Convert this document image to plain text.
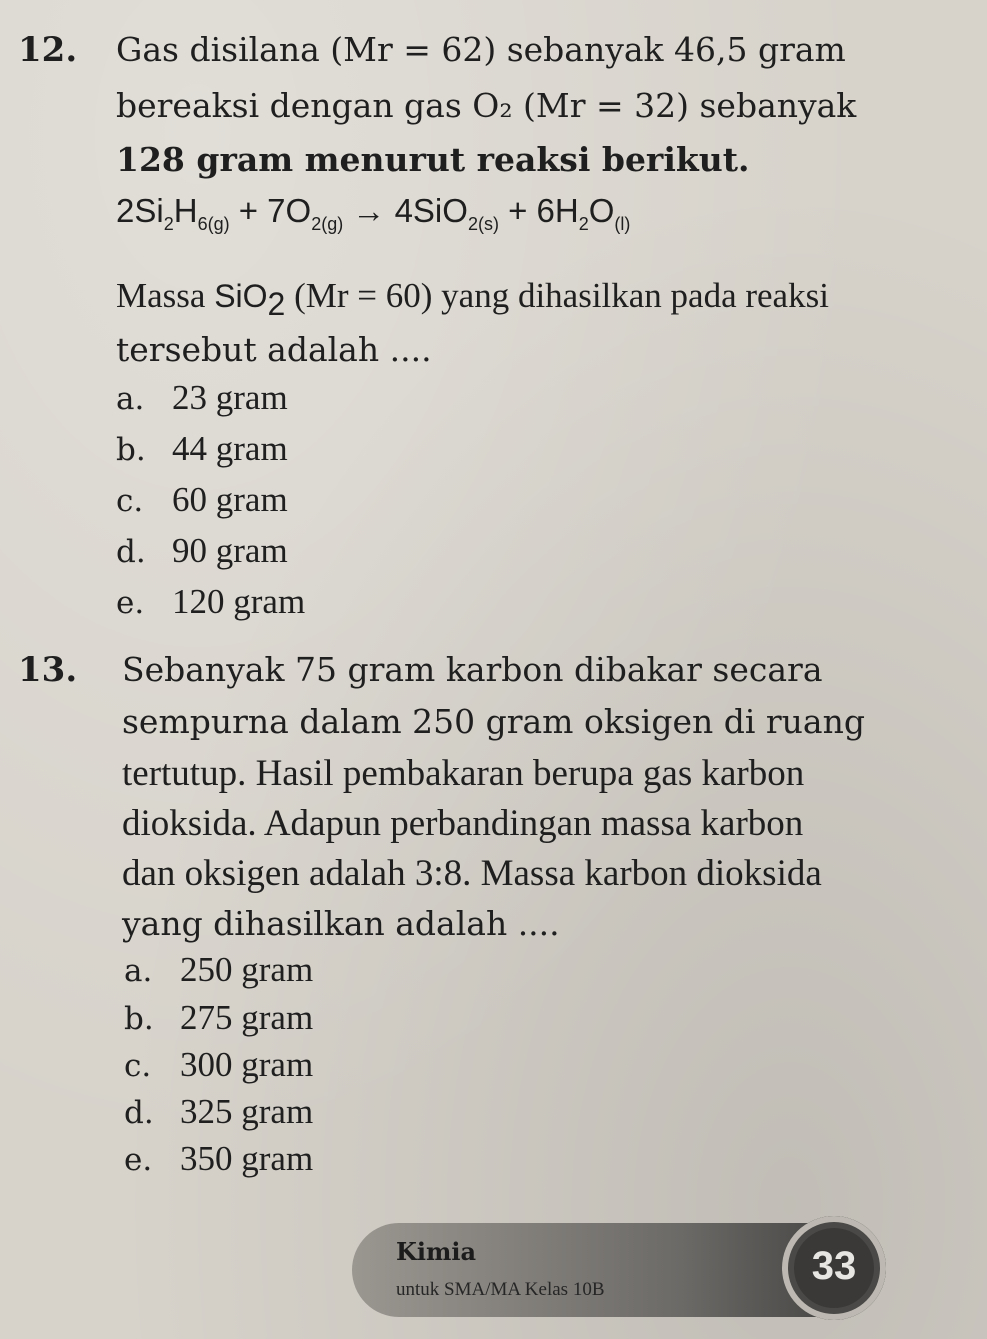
12. Gas disilana (Mr = 62) sebanyak 46,5 gram
bereaksi dengan gas O₂ (Mr = 32) sebanyak
128 gram menurut reaksi berikut.
$2Si_2H_{6(g)} + 7O_{2(g)} \to 4SiO_{2(s)} + 6H_2O_{(l)}$
Massa SiO$_2$ (Mr = 60) yang dihasilkan pada reaksi
tersebut adalah ....
a. 23 gram
b. 44 gram
c. 60 gram
d. 90 gram
e. 120 gram
13. Sebanyak 75 gram karbon dibakar secara
sempurna dalam 250 gram oksigen di ruang
tertutup. Hasil pembakaran berupa gas karbon
dioksida. Adapun perbandingan massa karbon
dan oksigen adalah 3:8. Massa karbon dioksida
yang dihasilkan adalah ....
a. 250 gram
b. 275 gram
c. 300 gram
d. 325 gram
e. 350 gram
Kimia
untuk SMA/MA Kelas 10B
33
